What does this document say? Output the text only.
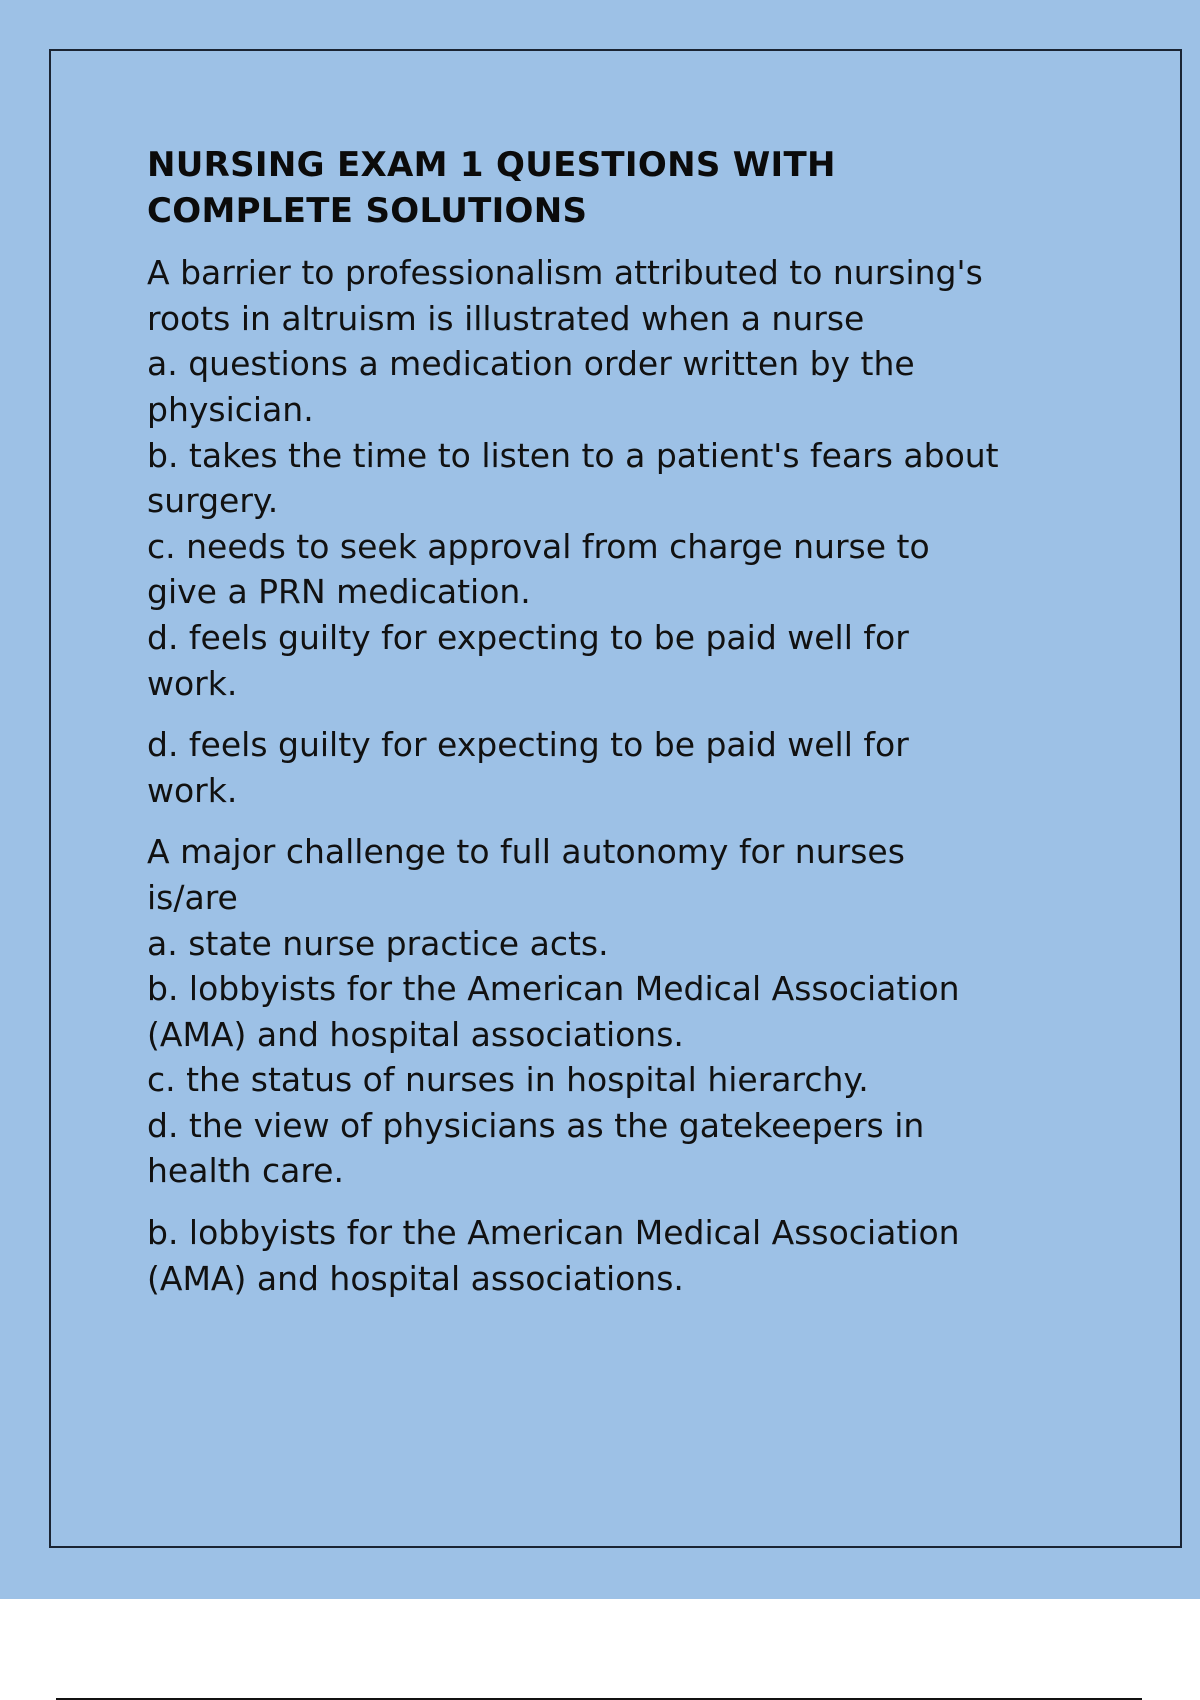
NURSING EXAM 1 QUESTIONS WITH
COMPLETE SOLUTIONS
A barrier to professionalism attributed to nursing's
roots in altruism is illustrated when a nurse
a. questions a medication order written by the
physician.
b. takes the time to listen to a patient's fears about
surgery.
c. needs to seek approval from charge nurse to
give a PRN medication.
d. feels guilty for expecting to be paid well for
work.
d. feels guilty for expecting to be paid well for
work.
A major challenge to full autonomy for nurses
is/are
a. state nurse practice acts.
b. lobbyists for the American Medical Association
(AMA) and hospital associations.
c. the status of nurses in hospital hierarchy.
d. the view of physicians as the gatekeepers in
health care.
b. lobbyists for the American Medical Association
(AMA) and hospital associations.
